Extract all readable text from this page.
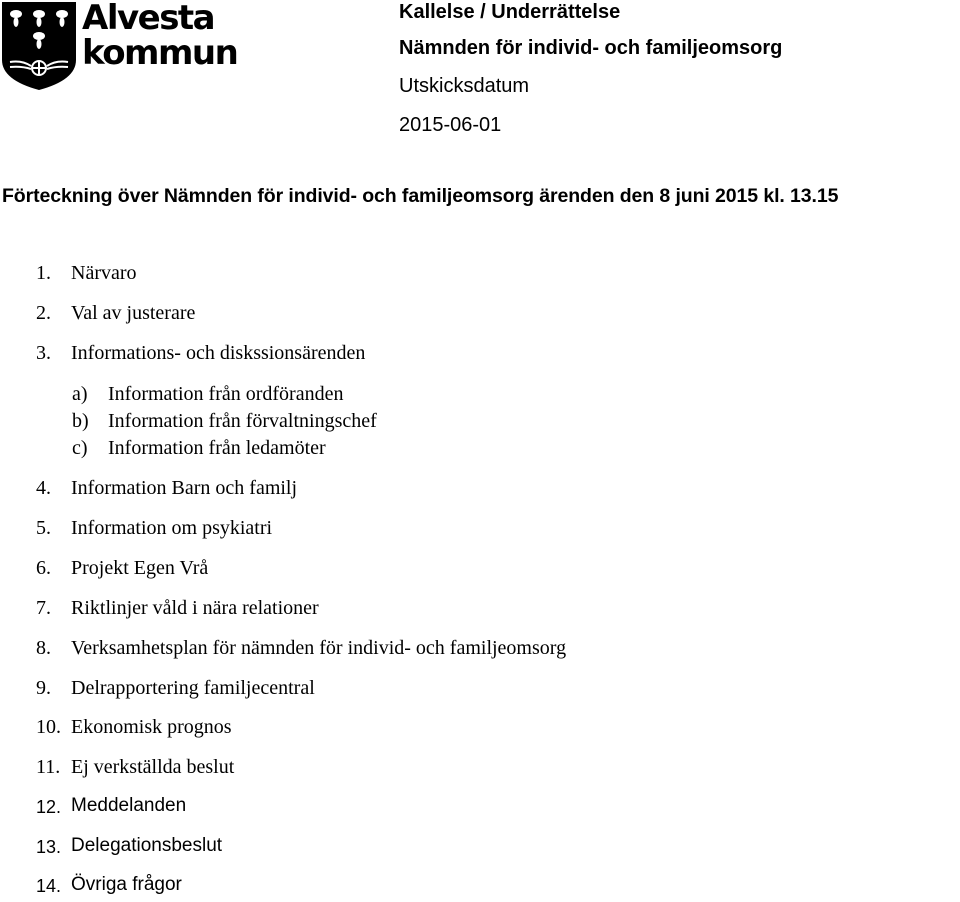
Alvesta
kommun
Kallelse / Underrättelse
Nämnden för individ- och familjeomsorg
Utskicksdatum
2015-06-01
Förteckning över Nämnden för individ- och familjeomsorg ärenden den 8 juni 2015 kl. 13.15
1. Närvaro
2. Val av justerare
3. Informations- och diskssionsärenden
a) Information från ordföranden
b) Information från förvaltningschef
c) Information från ledamöter
4. Information Barn och familj
5. Information om psykiatri
6. Projekt Egen Vrå
7. Riktlinjer våld i nära relationer
8. Verksamhetsplan för nämnden för individ- och familjeomsorg
9. Delrapportering familjecentral
10. Ekonomisk prognos
11. Ej verkställda beslut
12. Meddelanden
13. Delegationsbeslut
14. Övriga frågor
